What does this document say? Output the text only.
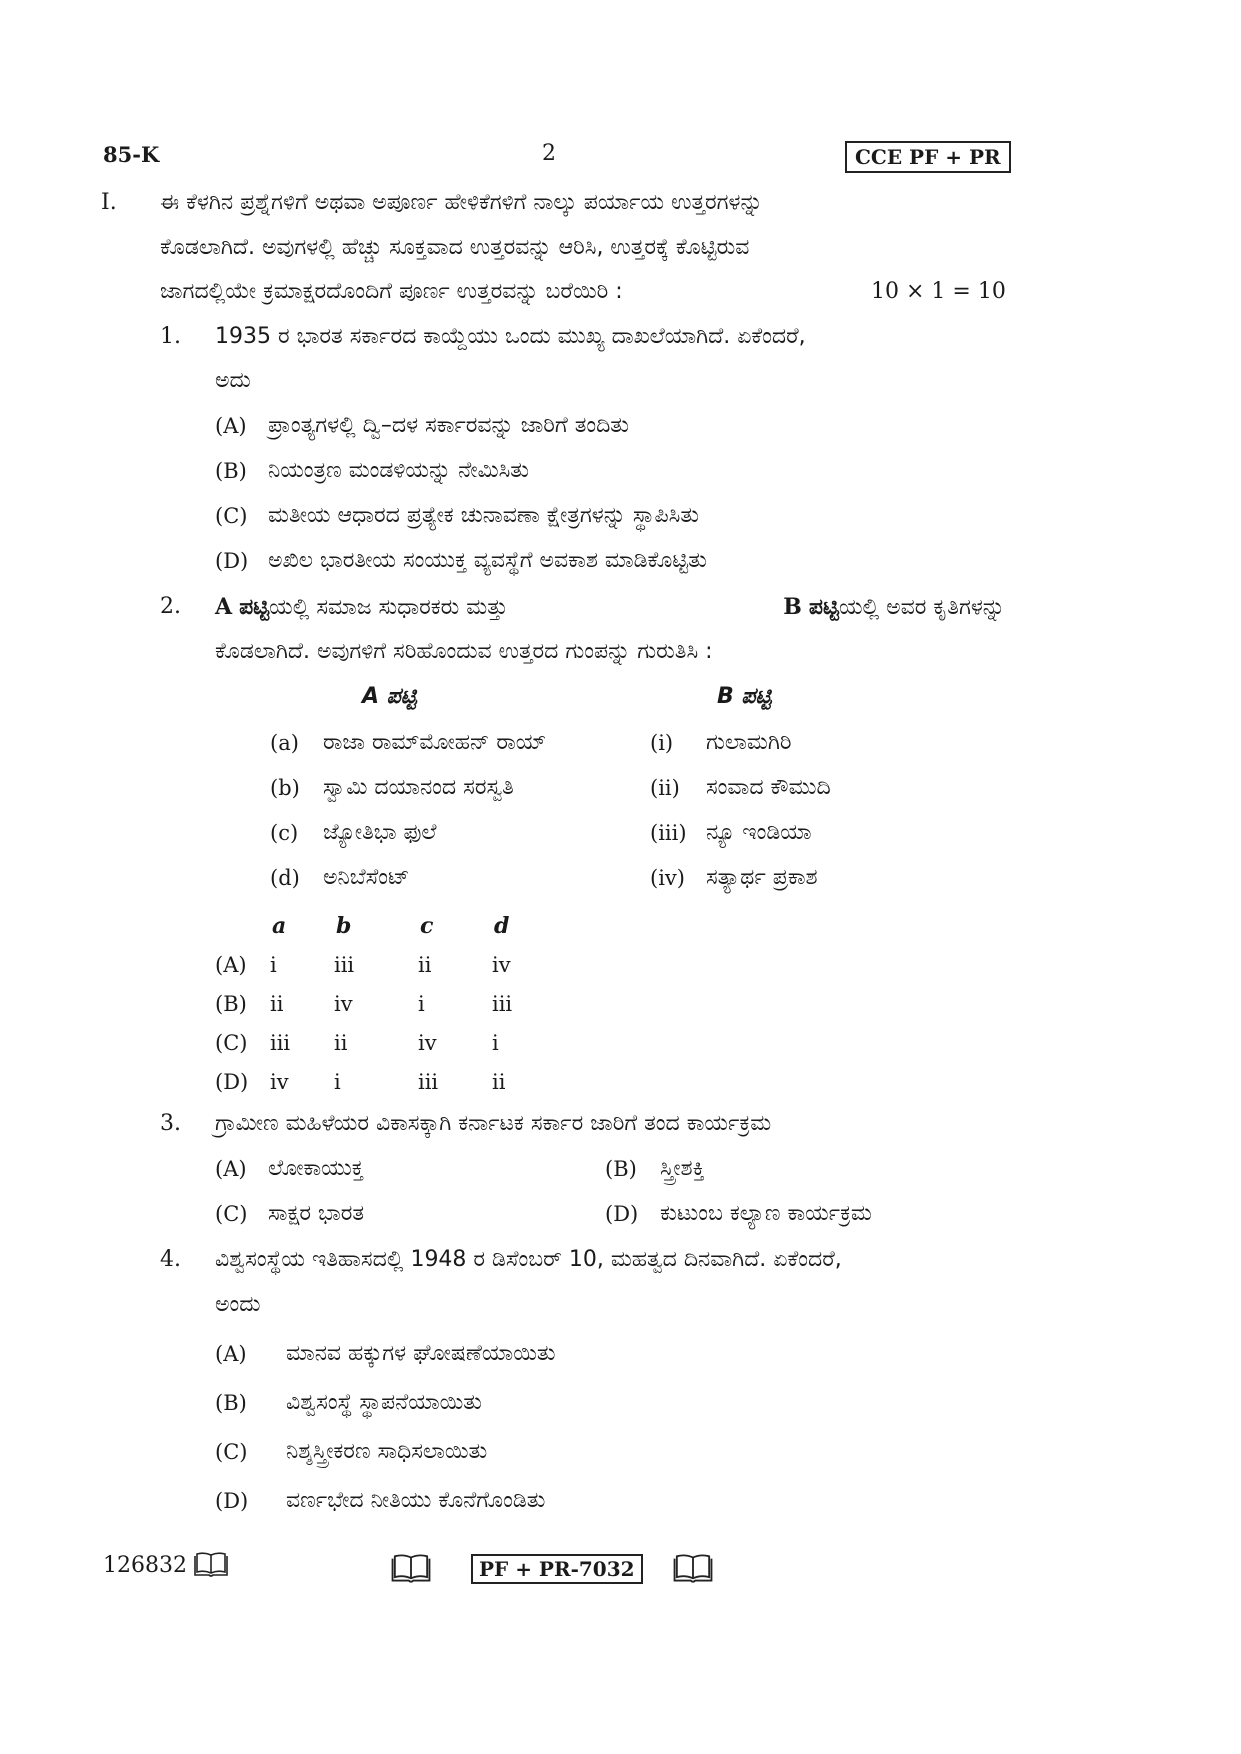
85-K	2	CCE PF + PR
I. ಈ ಕೆಳಗಿನ ಪ್ರಶ್ನೆಗಳಿಗೆ ಅಥವಾ ಅಪೂರ್ಣ ಹೇಳಿಕೆಗಳಿಗೆ ನಾಲ್ಕು ಪರ್ಯಾಯ ಉತ್ತರಗಳನ್ನು
ಕೊಡಲಾಗಿದೆ. ಅವುಗಳಲ್ಲಿ ಹೆಚ್ಚು ಸೂಕ್ತವಾದ ಉತ್ತರವನ್ನು ಆರಿಸಿ, ಉತ್ತರಕ್ಕೆ ಕೊಟ್ಟಿರುವ
ಜಾಗದಲ್ಲಿಯೇ ಕ್ರಮಾಕ್ಷರದೊಂದಿಗೆ ಪೂರ್ಣ ಉತ್ತರವನ್ನು ಬರೆಯಿರಿ :	10 × 1 = 10
1. 1935 ರ ಭಾರತ ಸರ್ಕಾರದ ಕಾಯ್ದೆಯು ಒಂದು ಮುಖ್ಯ ದಾಖಲೆಯಾಗಿದೆ. ಏಕೆಂದರೆ,
ಅದು
(A) ಪ್ರಾಂತ್ಯಗಳಲ್ಲಿ ದ್ವಿ–ದಳ ಸರ್ಕಾರವನ್ನು ಜಾರಿಗೆ ತಂದಿತು
(B) ನಿಯಂತ್ರಣ ಮಂಡಳಿಯನ್ನು ನೇಮಿಸಿತು
(C) ಮತೀಯ ಆಧಾರದ ಪ್ರತ್ಯೇಕ ಚುನಾವಣಾ ಕ್ಷೇತ್ರಗಳನ್ನು ಸ್ಥಾಪಿಸಿತು
(D) ಅಖಿಲ ಭಾರತೀಯ ಸಂಯುಕ್ತ ವ್ಯವಸ್ಥೆಗೆ ಅವಕಾಶ ಮಾಡಿಕೊಟ್ಟಿತು
2. A ಪಟ್ಟಿಯಲ್ಲಿ ಸಮಾಜ ಸುಧಾರಕರು ಮತ್ತು	B ಪಟ್ಟಿಯಲ್ಲಿ ಅವರ ಕೃತಿಗಳನ್ನು
ಕೊಡಲಾಗಿದೆ. ಅವುಗಳಿಗೆ ಸರಿಹೊಂದುವ ಉತ್ತರದ ಗುಂಪನ್ನು ಗುರುತಿಸಿ :
A ಪಟ್ಟಿ	B ಪಟ್ಟಿ
(a) ರಾಜಾ ರಾಮ್‌ಮೋಹನ್ ರಾಯ್	(i) ಗುಲಾಮಗಿರಿ
(b) ಸ್ವಾಮಿ ದಯಾನಂದ ಸರಸ್ವತಿ	(ii) ಸಂವಾದ ಕೌಮುದಿ
(c) ಜ್ಯೋತಿಭಾ ಫುಲೆ	(iii) ನ್ಯೂ ಇಂಡಿಯಾ
(d) ಅನಿಬೆಸೆಂಟ್	(iv) ಸತ್ಯಾರ್ಥ ಪ್ರಕಾಶ
a b	c	d
(A) i	iii	ii	iv
(B) ii iv	i	iii
(C) iii ii	iv	i
(D) iv i	iii	ii
3. ಗ್ರಾಮೀಣ ಮಹಿಳೆಯರ ವಿಕಾಸಕ್ಕಾಗಿ ಕರ್ನಾಟಕ ಸರ್ಕಾರ ಜಾರಿಗೆ ತಂದ ಕಾರ್ಯಕ್ರಮ
(A) ಲೋಕಾಯುಕ್ತ	(B) ಸ್ತ್ರೀಶಕ್ತಿ
(C) ಸಾಕ್ಷರ ಭಾರತ	(D) ಕುಟುಂಬ ಕಲ್ಯಾಣ ಕಾರ್ಯಕ್ರಮ
4. ವಿಶ್ವಸಂಸ್ಥೆಯ ಇತಿಹಾಸದಲ್ಲಿ 1948 ರ ಡಿಸೆಂಬರ್ 10, ಮಹತ್ವದ ದಿನವಾಗಿದೆ. ಏಕೆಂದರೆ,
ಅಂದು
(A) ಮಾನವ ಹಕ್ಕುಗಳ ಘೋಷಣೆಯಾಯಿತು
(B) ವಿಶ್ವಸಂಸ್ಥೆ ಸ್ಥಾಪನೆಯಾಯಿತು
(C) ನಿಶ್ಶಸ್ತ್ರೀಕರಣ ಸಾಧಿಸಲಾಯಿತು
(D) ವರ್ಣಭೇದ ನೀತಿಯು ಕೊನೆಗೊಂಡಿತು
126832	PF + PR-7032
